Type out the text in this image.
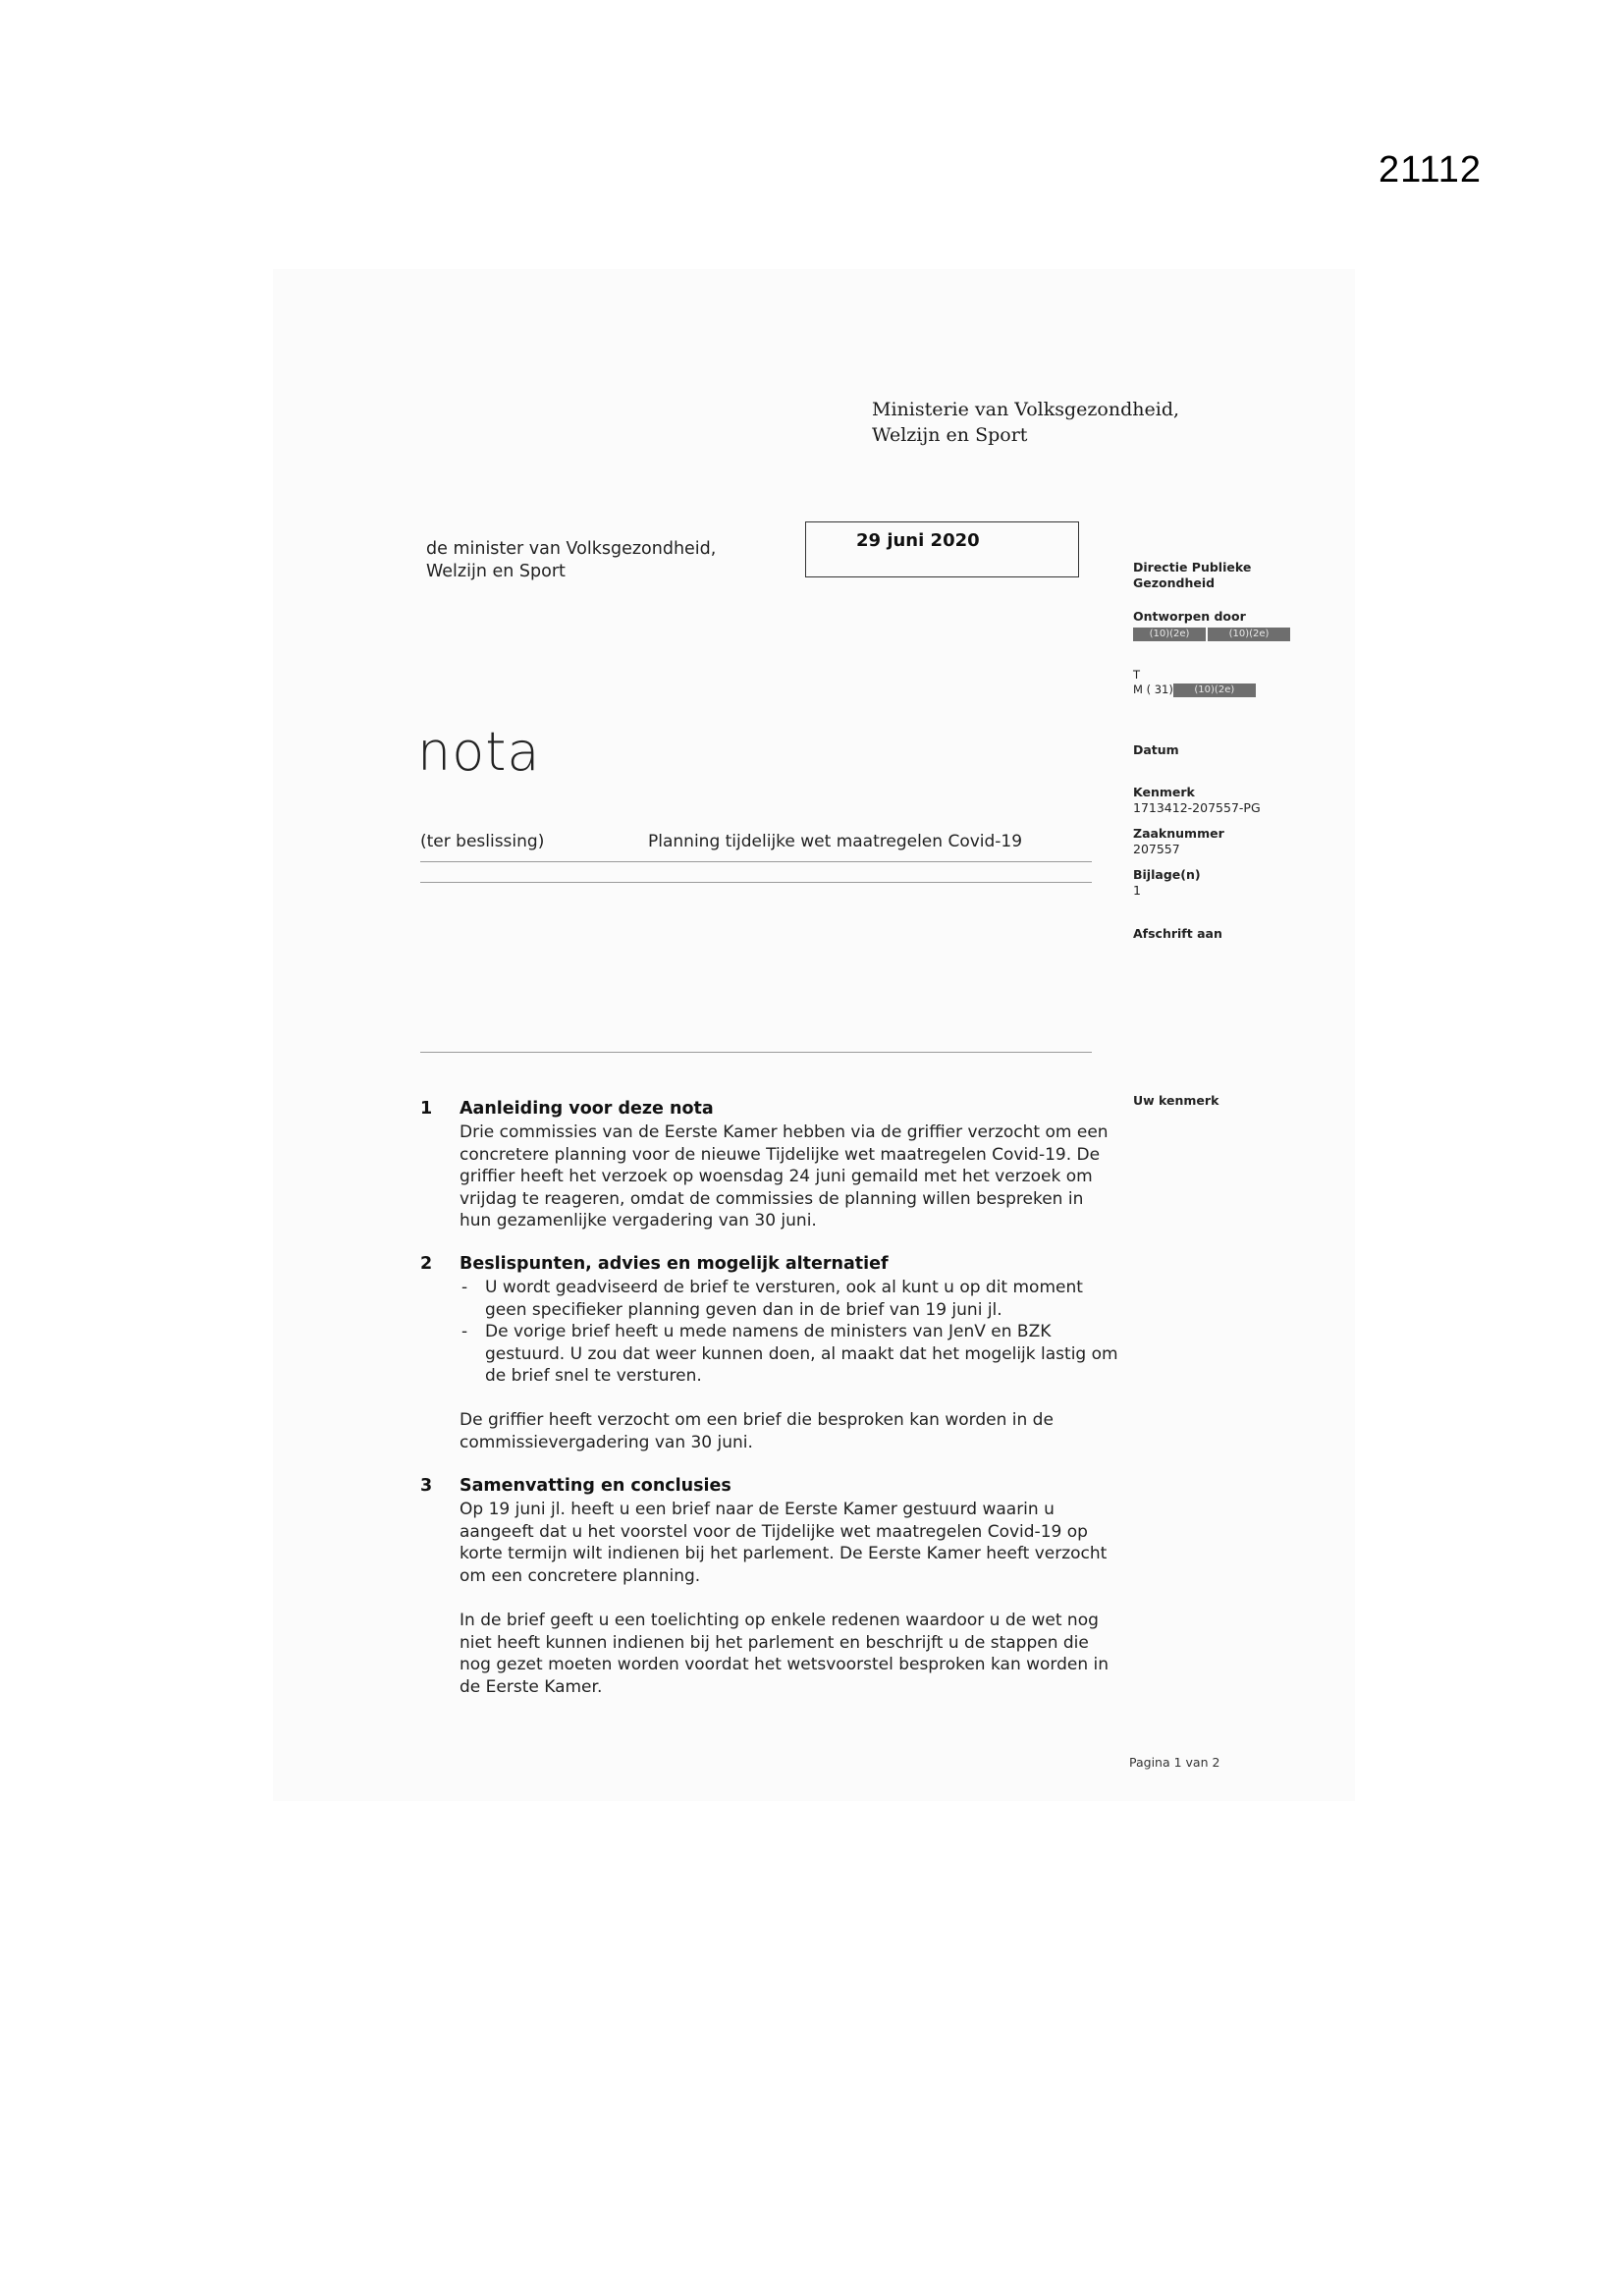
21112
Ministerie van Volksgezondheid,
Welzijn en Sport
de minister van Volksgezondheid,
Welzijn en Sport
29 juni 2020
nota
(ter beslissing)	Planning tijdelijke wet maatregelen Covid-19
Directie Publieke
Gezondheid
Ontworpen door
(10)(2e)	(10)(2e)
T
M ( 31) (10)(2e)
Datum
Kenmerk
1713412-207557-PG
Zaaknummer
207557
Bijlage(n)
1
Afschrift aan
Uw kenmerk
1 Aanleiding voor deze nota

Drie commissies van de Eerste Kamer hebben via de griffier verzocht om een concretere planning voor de nieuwe Tijdelijke wet maatregelen Covid-19. De griffier heeft het verzoek op woensdag 24 juni gemaild met het verzoek om vrijdag te reageren, omdat de commissies de planning willen bespreken in hun gezamenlijke vergadering van 30 juni.

2 Beslispunten, advies en mogelijk alternatief
- U wordt geadviseerd de brief te versturen, ook al kunt u op dit moment geen specifieker planning geven dan in de brief van 19 juni jl.
- De vorige brief heeft u mede namens de ministers van JenV en BZK gestuurd. U zou dat weer kunnen doen, al maakt dat het mogelijk lastig om de brief snel te versturen.

De griffier heeft verzocht om een brief die besproken kan worden in de commissievergadering van 30 juni.

3 Samenvatting en conclusies

Op 19 juni jl. heeft u een brief naar de Eerste Kamer gestuurd waarin u aangeeft dat u het voorstel voor de Tijdelijke wet maatregelen Covid-19 op korte termijn wilt indienen bij het parlement. De Eerste Kamer heeft verzocht om een concretere planning.

In de brief geeft u een toelichting op enkele redenen waardoor u de wet nog niet heeft kunnen indienen bij het parlement en beschrijft u de stappen die nog gezet moeten worden voordat het wetsvoorstel besproken kan worden in de Eerste Kamer.

Pagina 1 van 2
